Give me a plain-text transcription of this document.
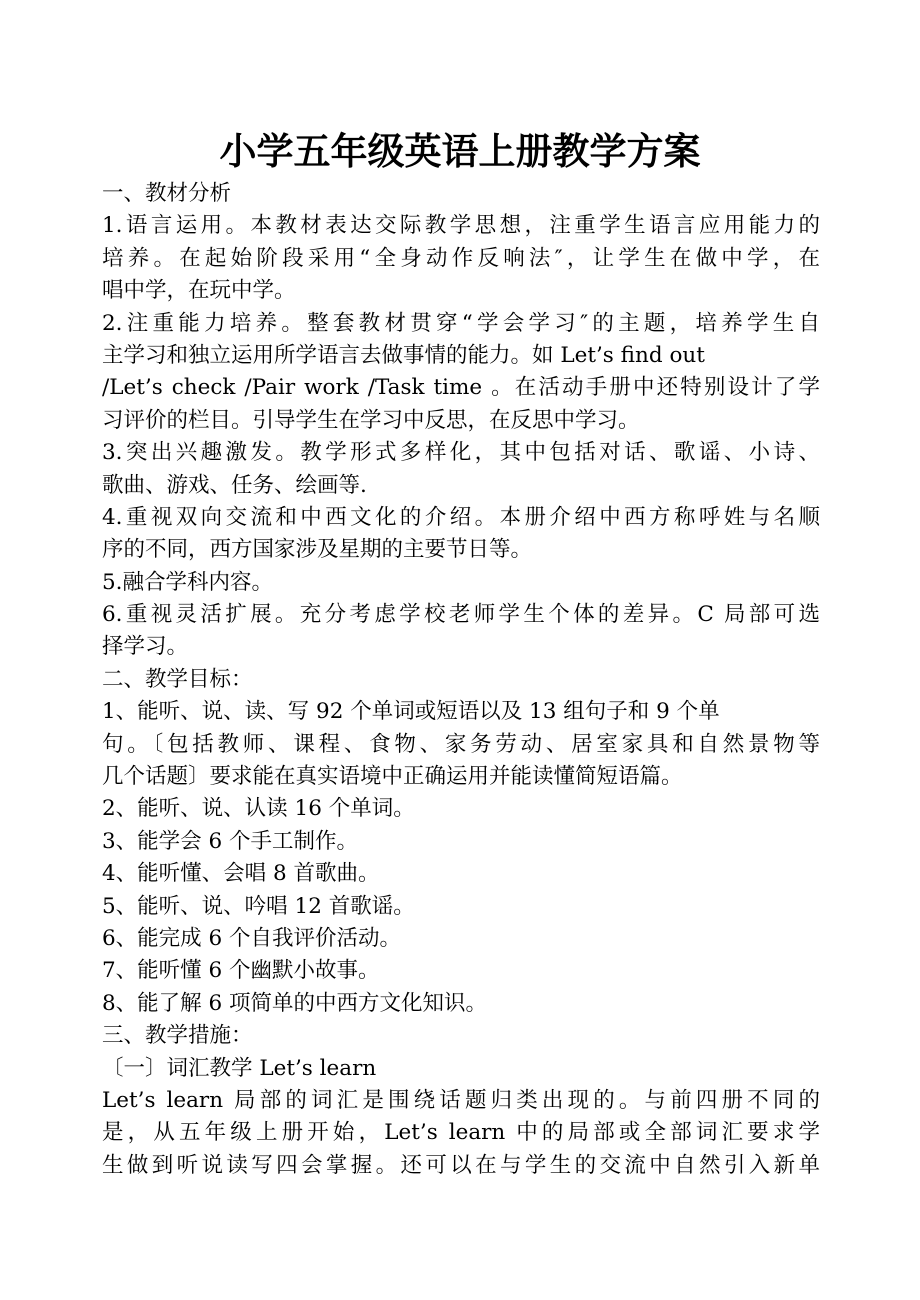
小学五年级英语上册教学方案

一、教材分析

1.语言运用。本教材表达交际教学思想，注重学生语言应用能力的

培养。在起始阶段采用“全身动作反响法″，让学生在做中学，在

唱中学，在玩中学。

2.注重能力培养。整套教材贯穿“学会学习″的主题，培养学生自

主学习和独立运用所学语言去做事情的能力。如 Let’s find out

/Let’s check /Pair work /Task time 。在活动手册中还特别设计了学

习评价的栏目。引导学生在学习中反思，在反思中学习。

3.突出兴趣激发。教学形式多样化，其中包括对话、歌谣、小诗、

歌曲、游戏、任务、绘画等.

4.重视双向交流和中西文化的介绍。本册介绍中西方称呼姓与名顺

序的不同，西方国家涉及星期的主要节日等。

5.融合学科内容。

6.重视灵活扩展。充分考虑学校老师学生个体的差异。C 局部可选

择学习。

二、教学目标：

1、能听、说、读、写 92 个单词或短语以及 13 组句子和 9 个单

句。〔包括教师、课程、食物、家务劳动、居室家具和自然景物等

几个话题〕要求能在真实语境中正确运用并能读懂简短语篇。

2、能听、说、认读 16 个单词。

3、能学会 6 个手工制作。

4、能听懂、会唱 8 首歌曲。

5、能听、说、吟唱 12 首歌谣。

6、能完成 6 个自我评价活动。

7、能听懂 6 个幽默小故事。

8、能了解 6 项简单的中西方文化知识。

三、教学措施：

〔一〕词汇教学 Let’s learn

Let’s learn 局部的词汇是围绕话题归类出现的。与前四册不同的

是，从五年级上册开始，Let’s learn 中的局部或全部词汇要求学

生做到听说读写四会掌握。还可以在与学生的交流中自然引入新单
